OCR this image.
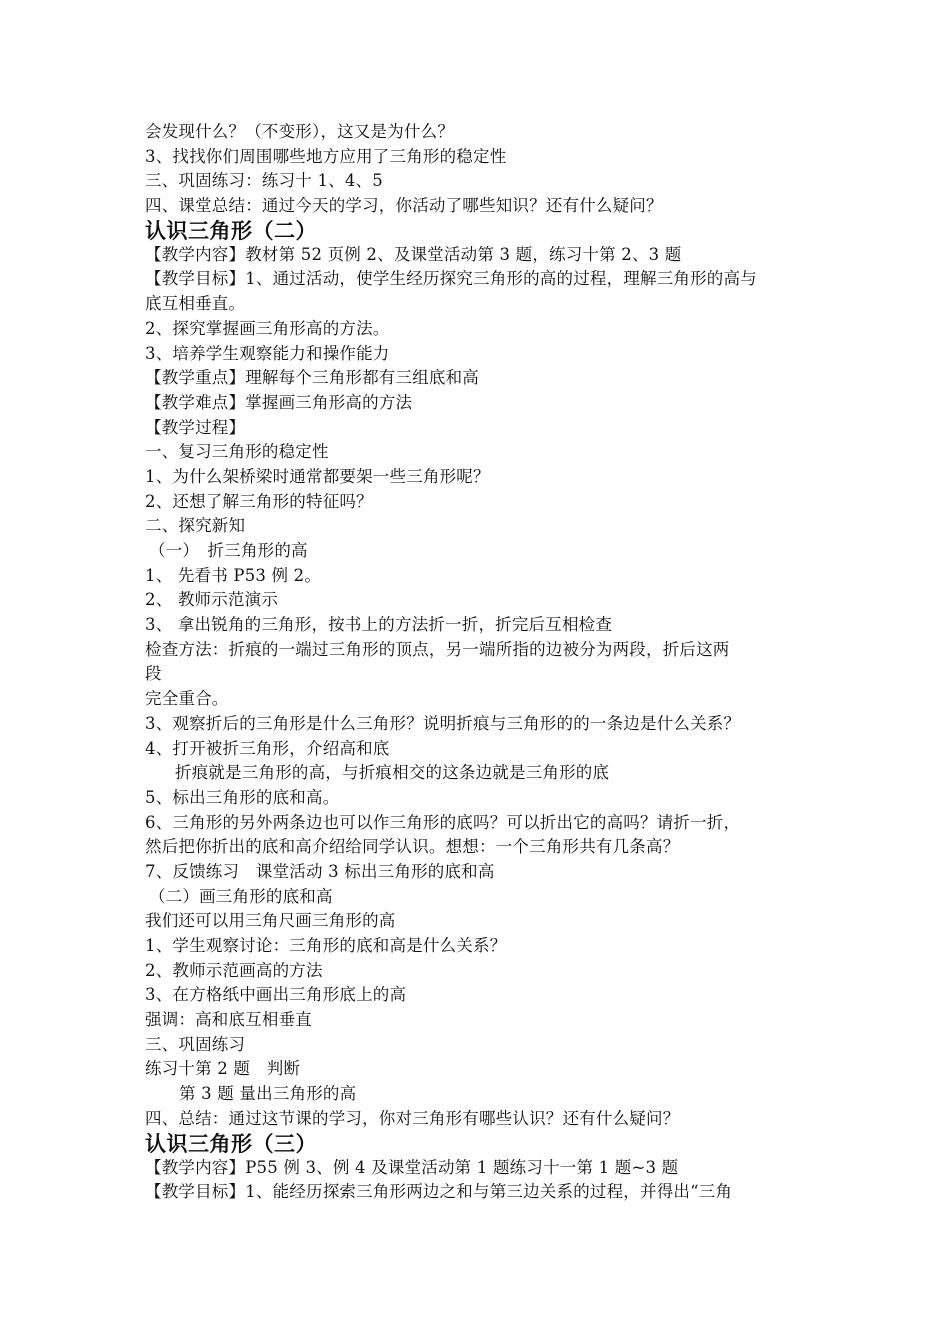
会发现什么？（不变形），这又是为什么？
3、找找你们周围哪些地方应用了三角形的稳定性
三、巩固练习：练习十 1、4、5
四、课堂总结：通过今天的学习，你活动了哪些知识？还有什么疑问？
认识三角形（二）
【教学内容】教材第 52 页例 2、及课堂活动第 3 题，练习十第 2、3 题
【教学目标】1、通过活动，使学生经历探究三角形的高的过程，理解三角形的高与
底互相垂直。
2、探究掌握画三角形高的方法。
3、培养学生观察能力和操作能力
【教学重点】理解每个三角形都有三组底和高
【教学难点】掌握画三角形高的方法
【教学过程】
一、复习三角形的稳定性
1、为什么架桥梁时通常都要架一些三角形呢？
2、还想了解三角形的特征吗？
二、探究新知
（一）　折三角形的高
1、 先看书 P53 例 2。
2、 教师示范演示
3、 拿出锐角的三角形，按书上的方法折一折，折完后互相检查
检查方法：折痕的一端过三角形的顶点，另一端所指的边被分为两段，折后这两
段
完全重合。
3、观察折后的三角形是什么三角形？说明折痕与三角形的的一条边是什么关系？
4、打开被折三角形，介绍高和底
折痕就是三角形的高，与折痕相交的这条边就是三角形的底
5、标出三角形的底和高。
6、三角形的另外两条边也可以作三角形的底吗？可以折出它的高吗？请折一折，
然后把你折出的底和高介绍给同学认识。想想：一个三角形共有几条高？
7、反馈练习　课堂活动 3 标出三角形的底和高
（二）画三角形的底和高
我们还可以用三角尺画三角形的高
1、学生观察讨论：三角形的底和高是什么关系？
2、教师示范画高的方法
3、在方格纸中画出三角形底上的高
强调：高和底互相垂直
三、巩固练习
练习十第 2 题　判断
第 3 题 量出三角形的高
四、总结：通过这节课的学习，你对三角形有哪些认识？还有什么疑问？
认识三角形（三）
【教学内容】P55 例 3、例 4 及课堂活动第 1 题练习十一第 1 题~3 题
【教学目标】1、能经历探索三角形两边之和与第三边关系的过程，并得出“三角
